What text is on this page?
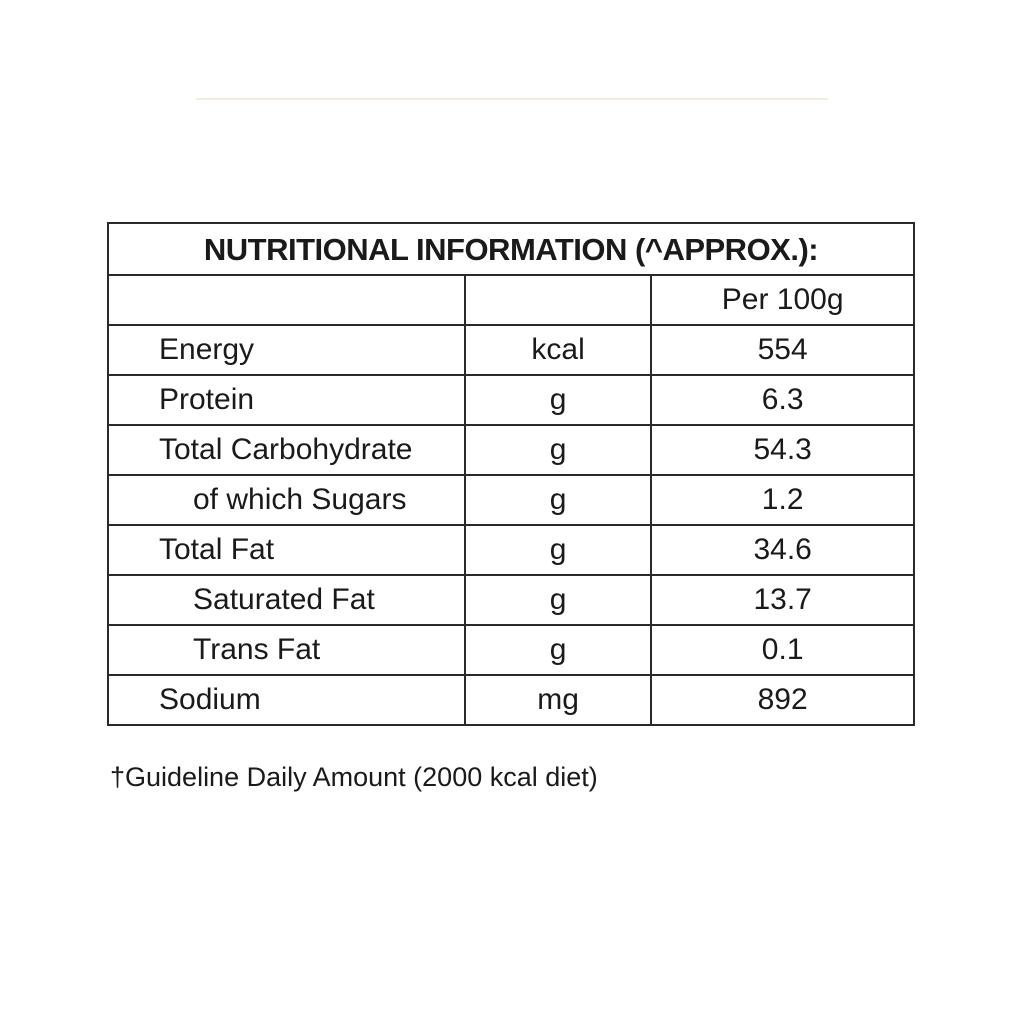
NUTRITIONAL INFORMATION (^APPROX.):		
		Per 100g
Energy	kcal	554
Protein	g	6.3
Total Carbohydrate	g	54.3
of which Sugars	g	1.2
Total Fat	g	34.6
Saturated Fat	g	13.7
Trans Fat	g	0.1
Sodium	mg	892
†Guideline Daily Amount (2000 kcal diet)
